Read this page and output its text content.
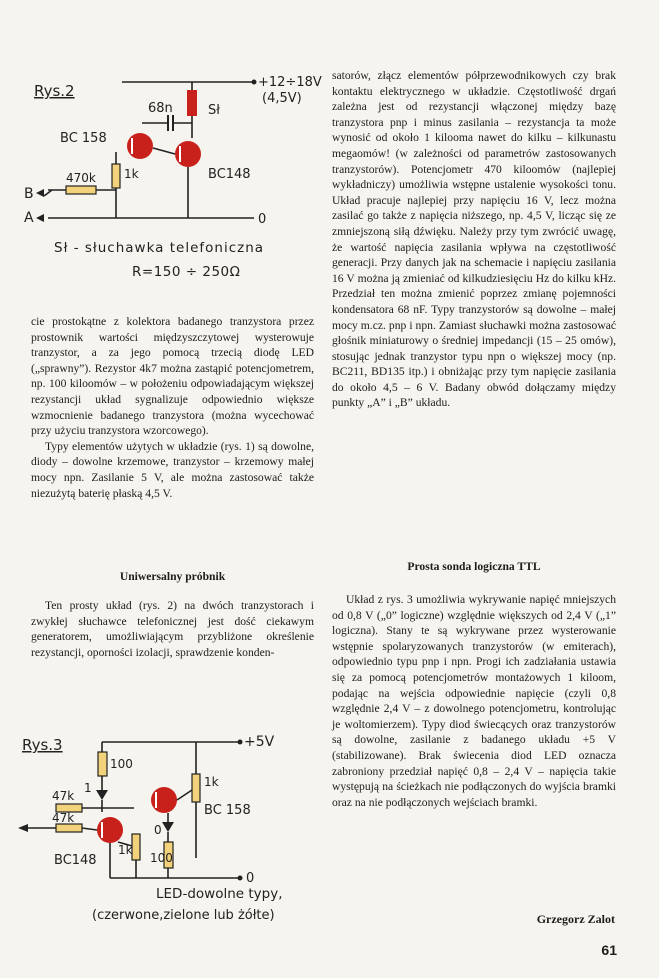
Rys.2	+12÷18V
(4,5V)
68n	Sł
BC 158
BC148
470k 1k
B
A	0
Sł - słuchawka telefoniczna
R=150 ÷ 250Ω

cie prostokątne z kolektora badanego tranzystora przez prostownik wartości międzyszczytowej wysterowuje tranzystor, a za jego pomocą trzecią diodę LED („sprawny”). Rezystor 4k7 można zastąpić potencjometrem, np. 100 kiloomów – w położeniu odpowiadającym większej rezystancji układ sygnalizuje odpowiednio większe wzmocnienie badanego tranzystora (można wycechować przy użyciu tranzystora wzorcowego).

Typy elementów użytych w układzie (rys. 1) są dowolne, diody – dowolne krzemowe, tranzystor – krzemowy małej mocy npn. Zasilanie 5 V, ale można zastosować także niezużytą baterię płaską 4,5 V.

Uniwersalny próbnik

Ten prosty układ (rys. 2) na dwóch tranzystorach i zwykłej słuchawce telefonicznej jest dość ciekawym generatorem, umożliwiającym przybliżone określenie rezystancji, oporności izolacji, sprawdzenie konden-

Rys.3	+5V
100
1
47k
47k
BC148
1k
0
100
1k
BC 158
0
LED-dowolne typy,
(czerwone,zielone lub żółte)

satorów, złącz elementów półprzewodnikowych czy brak kontaktu elektrycznego w układzie. Częstotliwość drgań zależna jest od rezystancji włączonej między bazę tranzystora pnp i minus zasilania – rezystancja ta może wynosić od około 1 kilooma nawet do kilku – kilkunastu megaomów! (w zależności od parametrów zastosowanych tranzystorów). Potencjometr 470 kiloomów (najlepiej wykładniczy) umożliwia wstępne ustalenie wysokości tonu. Układ pracuje najlepiej przy napięciu 16 V, lecz można zasilać go także z napięcia niższego, np. 4,5 V, licząc się ze zmniejszoną siłą dźwięku. Należy przy tym zwrócić uwagę, że wartość napięcia zasilania wpływa na częstotliwość generacji. Przy danych jak na schemacie i napięciu zasilania 16 V można ją zmieniać od kilkudziesięciu Hz do kilku kHz. Przedział ten można zmienić poprzez zmianę pojemności kondensatora 68 nF. Typy tranzystorów są dowolne – małej mocy m.cz. pnp i npn. Zamiast słuchawki można zastosować głośnik miniaturowy o średniej impedancji (15 – 25 omów), stosując jednak tranzystor typu npn o większej mocy (np. BC211, BD135 itp.) i obniżając przy tym napięcie zasilania do około 4,5 – 6 V. Badany obwód dołączamy między punkty „A” i „B” układu.

Prosta sonda logiczna TTL

Układ z rys. 3 umożliwia wykrywanie napięć mniejszych od 0,8 V („0” logiczne) względnie większych od 2,4 V („1” logiczna). Stany te są wykrywane przez wysterowanie wstępnie spolaryzowanych tranzystorów (w emiterach), odpowiednio typu pnp i npn. Progi ich zadziałania ustawia się za pomocą potencjometrów montażowych 1 kiloom, podając na wejścia odpowiednie napięcie (czyli 0,8 względnie 2,4 V – z dowolnego potencjometru, kontrolując je woltomierzem). Typy diod świecących oraz tranzystorów są dowolne, zasilanie z badanego układu +5 V (stabilizowane). Brak świecenia diod LED oznacza zabroniony przedział napięć 0,8 – 2,4 V – napięcia takie występują na ścieżkach nie podłączonych do wyjścia bramki oraz na nie podłączonych wejściach bramki.

Grzegorz Zalot
61
